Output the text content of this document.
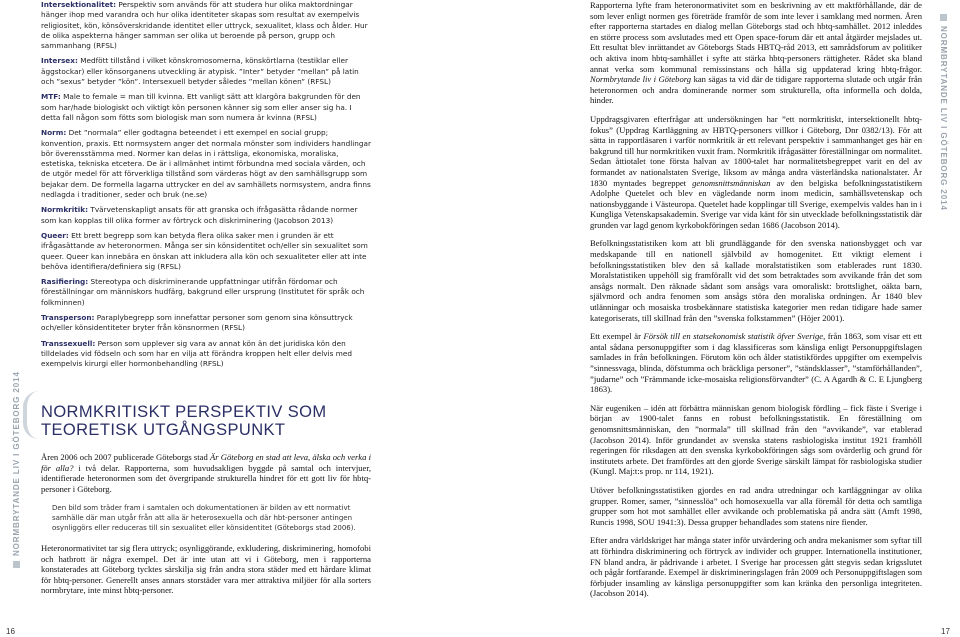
NORMBRYTANDE LIV I GÖTEBORG 2014
NORMBRYTANDE LIV I GÖTEBORG 2014

Intersektionalitet: Perspektiv som används för att studera hur olika maktordningar hänger ihop med varandra och hur olika identiteter skapas som resultat av exempelvis religiositet, kön, könsöverskridande identitet eller uttryck, sexualitet, klass och ålder. Hur de olika aspekterna hänger samman ser olika ut beroende på person, grupp och sammanhang (RFSL)

Intersex: Medfött tillstånd i vilket könskromosomerna, könskörtlarna (testiklar eller äggstockar) eller könsorganens utveckling är atypisk. ”Inter” betyder ”mellan” på latin och ”sexus” betyder ”kön”. Intersexuell betyder således ”mellan könen” (RFSL)

MTF: Male to female = man till kvinna. Ett vanligt sätt att klargöra bakgrunden för den som har/hade biologiskt och viktigt kön personen känner sig som eller anser sig ha. I detta fall någon som fötts som biologisk man som numera är kvinna (RFSL)

Norm: Det ”normala” eller godtagna beteendet i ett exempel en social grupp; konvention, praxis. Ett normsystem anger det normala mönster som individers handlingar bör överensstämma med. Normer kan delas in i rättsliga, ekonomiska, moraliska, estetiska, tekniska etcetera. De är i allmänhet intimt förbundna med sociala värden, och de utgör medel för att förverkliga tillstånd som värderas högt av den samhällsgrupp som bejakar dem. De formella lagarna uttrycker en del av samhällets normsystem, andra finns nedlagda i traditioner, seder och bruk (ne.se)

Normkritik: Tvärvetenskapligt ansats för att granska och ifrågasätta rådande normer som kan kopplas till olika former av förtryck och diskriminering (Jacobson 2013)

Queer: Ett brett begrepp som kan betyda flera olika saker men i grunden är ett ifrågasättande av heteronormen. Många ser sin könsidentitet och/eller sin sexualitet som queer. Queer kan innebära en önskan att inkludera alla kön och sexualiteter eller att inte behöva identifiera/definiera sig (RFSL)

Rasifiering: Stereotypa och diskriminerande uppfattningar utifrån fördomar och föreställningar om människors hudfärg, bakgrund eller ursprung (Institutet för språk och folkminnen)

Transperson: Paraplybegrepp som innefattar personer som genom sina könsuttryck och/eller könsidentiteter bryter från könsnormen (RFSL)

Transsexuell: Person som upplever sig vara av annat kön än det juridiska kön den tilldelades vid födseln och som har en vilja att förändra kroppen helt eller delvis med exempelvis kirurgi eller hormonbehandling (RFSL)

NORMKRITISKT PERSPEKTIV SOM TEORETISK UTGÅNGSPUNKT

Åren 2006 och 2007 publicerade Göteborgs stad Är Göteborg en stad att leva, älska och verka i för alla? i två delar. Rapporterna, som huvudsakligen byggde på samtal och intervjuer, identifierade heteronormen som det övergripande strukturella hindret för ett gott liv för hbtq-personer i Göteborg.

Den bild som träder fram i samtalen och dokumentationen är bilden av ett normativt samhälle där man utgår från att alla är heterosexuella och där hbt-personer antingen osynliggörs eller reduceras till sin sexualitet eller könsidentitet (Göteborgs stad 2006).

Heteronormativitet tar sig flera uttryck; osynliggörande, exkludering, diskriminering, homofobi och hatbrott är några exempel. Det är inte utan att vi i Göteborg, men i rapporterna konstaterades att Göteborg tycktes särskilja sig från andra stora städer med ett hårdare klimat för hbtq-personer. Generellt anses annars storstäder vara mer attraktiva miljöer för alla sorters normbrytare, inte minst hbtq-personer.

Rapporterna lyfte fram heteronormativitet som en beskrivning av ett maktförhållande, där de som lever enligt normen ges företräde framför de som inte lever i samklang med normen. Åren efter rapporterna startades en dialog mellan Göteborgs stad och hbtq-samhället. 2012 inleddes en större process som avslutades med ett Open space-forum där ett antal åtgärder mejslades ut. Ett resultat blev inrättandet av Göteborgs Stads HBTQ-råd 2013, ett samrådsforum av politiker och aktiva inom hbtq-samhället i syfte att stärka hbtq-personers rättigheter. Rådet ska bland annat verka som kommunal remissinstans och hålla sig uppdaterad kring hbtq-frågor. Normbrytande liv i Göteborg kan sägas ta vid där de tidigare rapporterna slutade och utgår från heteronormen och andra dominerande normer som strukturella, ofta informella och dolda, hinder.

Uppdragsgivaren efterfrågar att undersökningen har ”ett normkritiskt, intersektionellt hbtq-fokus” (Uppdrag Kartläggning av HBTQ-personers villkor i Göteborg, Dnr 0382/13). För att sätta in rapportläsaren i varför normkritik är ett relevant perspektiv i sammanhanget ges här en bakgrund till hur normkritiken vuxit fram. Normkritik ifrågasätter föreställningar om normalitet. Sedan åttiotalet tone första halvan av 1800-talet har normalitetsbegreppet varit en del av formandet av nationalstaten Sverige, liksom av många andra västerländska nationalstater. År 1830 myntades begreppet genomsnittsmänniskan av den belgiska befolkningsstatistikern Adolphe Quetelet och blev en vägledande norm inom medicin, samhällsvetenskap och nationsbyggande i Västeuropa. Quetelet hade kopplingar till Sverige, exempelvis valdes han in i Kungliga Vetenskapsakademin. Sverige var vida känt för sin utvecklade befolkningsstatistik där grunden var lagd genom kyrkobokföringen sedan 1686 (Jacobson 2014).

Befolkningsstatistiken kom att bli grundläggande för den svenska nationsbygget och var medskapande till en nationell självbild av homogenitet. Ett viktigt element i befolkningsstatistiken blev den så kallade moralstatistiken som etablerades runt 1830. Moralstatistiken uppehöll sig framförallt vid det som betraktades som avvikande från det som ansågs normalt. Den räknade sådant som ansågs vara omoraliskt: brottslighet, oäkta barn, självmord och andra fenomen som ansågs störa den moraliska ordningen. År 1840 blev utlänningar och mosaiska trosbekännare statistiska kategorier men redan tidigare hade samer kategoriserats, till skillnad från den ”svenska folkstammen” (Höjer 2001).

Ett exempel är Försök till en statsekonomisk statistik öfver Sverige, från 1863, som visar ett ett antal sådana personuppgifter som i dag klassificeras som känsliga enligt Personuppgiftslagen samlades in från befolkningen. Förutom kön och ålder statistikfördes uppgifter om exempelvis ”sinnessvaga, blinda, döfstumma och bräckliga personer”, ”ständsklasser”, ”stamförhållanden”, ”judarne” och ”Främmande icke-mosaiska religionsförvandter” (C. A Agardh & C. E Ljungberg 1863).

När eugeniken – idén att förbättra människan genom biologisk fördling – fick fäste i Sverige i början av 1900-talet fanns en robust befolkningsstatistik. En föreställning om genomsnittsmänniskan, den ”normala” till skillnad från den ”avvikande”, var etablerad (Jacobson 2014). Inför grundandet av svenska statens rasbiologiska institut 1921 framhöll regeringen för riksdagen att den svenska kyrkobokföringen sågs som ovärderlig och grund för institutets arbete. Det framfördes att den gjorde Sverige särskilt lämpat för rasbiologiska studier (Kungl. Maj:t:s prop. nr 114, 1921).

Utöver befolkningsstatistiken gjordes en rad andra utredningar och kartläggningar av olika grupper. Romer, samer, ”sinnesslöa” och homosexuella var alla föremål för detta och samtliga grupper som hot mot samhället eller avvikande och problematiska på andra sätt (Amft 1998, Runcis 1998, SOU 1941:3). Dessa grupper behandlades som statens nire fiender.

Efter andra världskriget har många stater inför utvärdering och andra mekanismer som syftar till att förhindra diskriminering och förtryck av individer och grupper. Internationella institutioner, FN bland andra, är pådrivande i arbetet. I Sverige har processen gått stegvis sedan krigsslutet och pågår fortfarande. Exempel är diskrimineringslagen från 2009 och Personuppgiftslagen som förbjuder insamling av känsliga personuppgifter som kan kränka den personliga integriteten. (Jacobson 2014).

16	17
